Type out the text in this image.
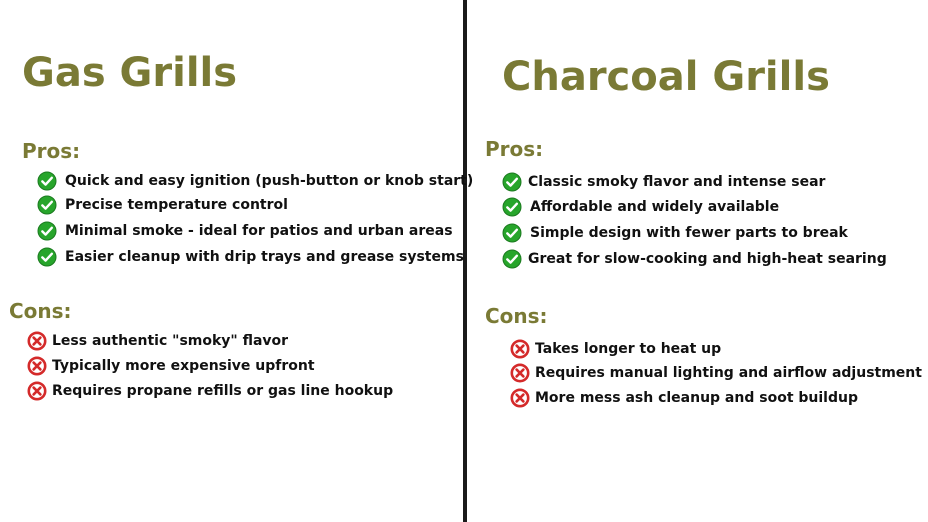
Gas Grills
Pros:
Quick and easy ignition (push-button or knob start)
Precise temperature control
Minimal smoke - ideal for patios and urban areas
Easier cleanup with drip trays and grease systems
Cons:
Less authentic "smoky" flavor
Typically more expensive upfront
Requires propane refills or gas line hookup
Charcoal Grills
Pros:
Classic smoky flavor and intense sear
Affordable and widely available
Simple design with fewer parts to break
Great for slow-cooking and high-heat searing
Cons:
Takes longer to heat up
Requires manual lighting and airflow adjustment
More mess ash cleanup and soot buildup
